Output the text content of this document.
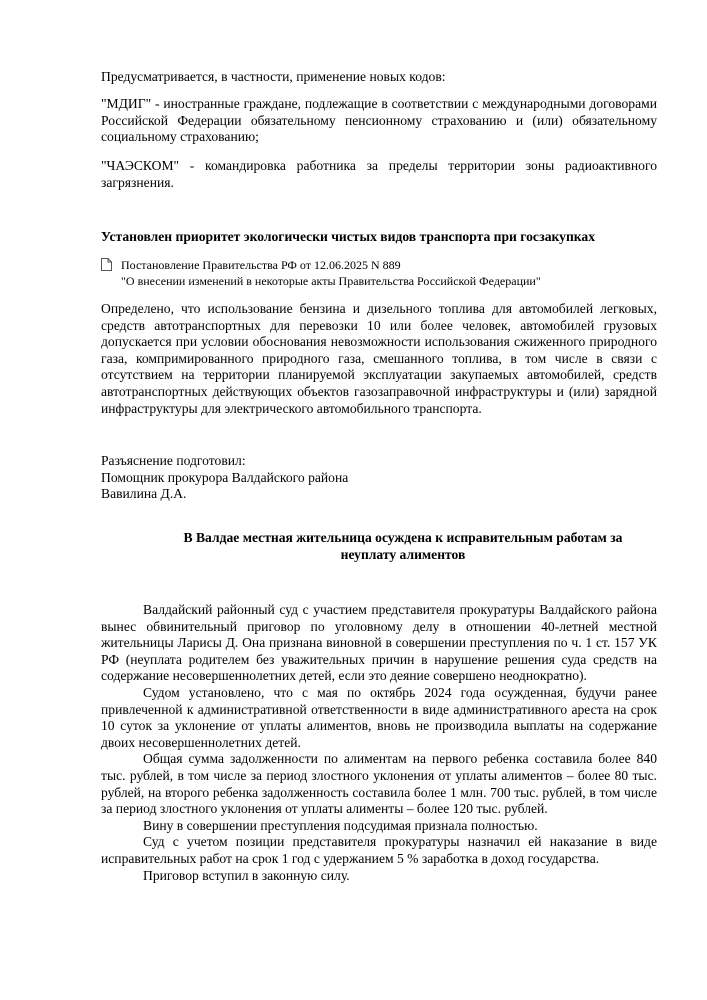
Предусматривается, в частности, применение новых кодов:

"МДИГ" - иностранные граждане, подлежащие в соответствии с международными договорами Российской Федерации обязательному пенсионному страхованию и (или) обязательному социальному страхованию;

"ЧАЭСКОМ" - командировка работника за пределы территории зоны радиоактивного загрязнения.

Установлен приоритет экологически чистых видов транспорта при госзакупках

Постановление Правительства РФ от 12.06.2025 N 889
"О внесении изменений в некоторые акты Правительства Российской Федерации"

Определено, что использование бензина и дизельного топлива для автомобилей легковых, средств автотранспортных для перевозки 10 или более человек, автомобилей грузовых допускается при условии обоснования невозможности использования сжиженного природного газа, компримированного природного газа, смешанного топлива, в том числе в связи с отсутствием на территории планируемой эксплуатации закупаемых автомобилей, средств автотранспортных действующих объектов газозаправочной инфраструктуры и (или) зарядной инфраструктуры для электрического автомобильного транспорта.

Разъяснение подготовил:
Помощник прокурора Валдайского района
Вавилина Д.А.
В Валдае местная жительница осуждена к исправительным работам за
неуплату алиментов

Валдайский районный суд с участием представителя прокуратуры Валдайского района вынес обвинительный приговор по уголовному делу в отношении 40-летней местной жительницы Ларисы Д. Она признана виновной в совершении преступления по ч. 1 ст. 157 УК РФ (неуплата родителем без уважительных причин в нарушение решения суда средств на содержание несовершеннолетних детей, если это деяние совершено неоднократно).

Судом установлено, что с мая по октябрь 2024 года осужденная, будучи ранее привлеченной к административной ответственности в виде административного ареста на срок 10 суток за уклонение от уплаты алиментов, вновь не производила выплаты на содержание двоих несовершеннолетних детей.

Общая сумма задолженности по алиментам на первого ребенка составила более 840 тыс. рублей, в том числе за период злостного уклонения от уплаты алиментов – более 80 тыс. рублей, на второго ребенка задолженность составила более 1 млн. 700 тыс. рублей, в том числе за период злостного уклонения от уплаты алименты – более 120 тыс. рублей.

Вину в совершении преступления подсудимая признала полностью.

Суд с учетом позиции представителя прокуратуры назначил ей наказание в виде исправительных работ на срок 1 год с удержанием 5 % заработка в доход государства.

Приговор вступил в законную силу.
